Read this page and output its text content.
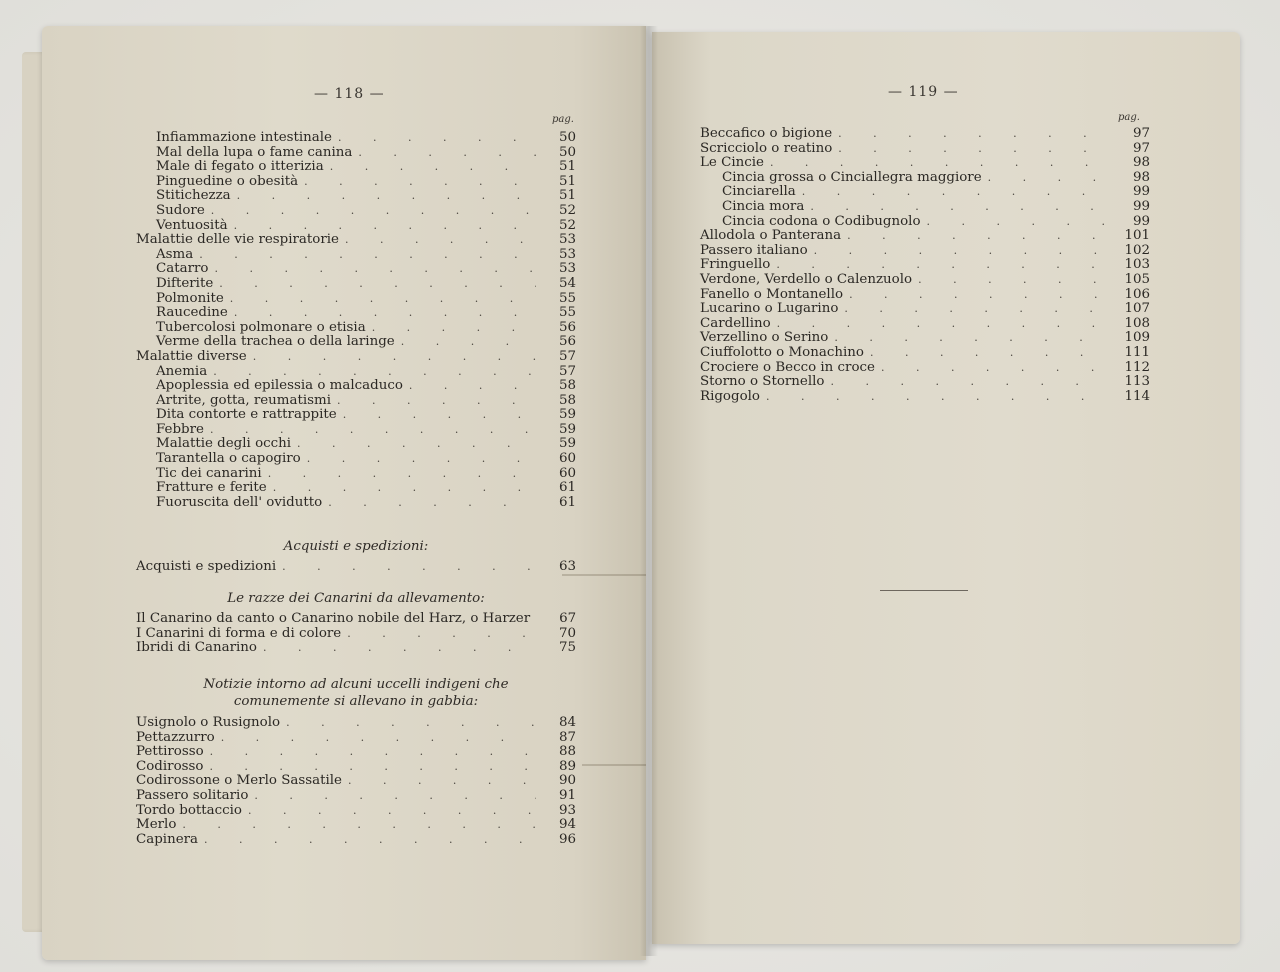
— 118 —
pag.
Infiammazione intestinale . . .	50
Mal della lupa o fame canina . . .	50
Male di fegato o itterizia . . .	51
Pinguedine o obesità . . .	51
Stitichezza . . .	51
Sudore . . .	52
Ventuosità . . .	52
Malattie delle vie respiratorie . . .	53
Asma . . .	53
Catarro . . .	53
Difterite . . .	54
Polmonite . . .	55
Raucedine . . .	55
Tubercolosi polmonare o etisia . . .	56
Verme della trachea o della laringe . . .	56
Malattie diverse . . .	57
Anemia . . .	57
Apoplessia ed epilessia o malcaduco . . .	58
Artrite, gotta, reumatismi . . .	58
Dita contorte e rattrappite . . .	59
Febbre . . .	59
Malattie degli occhi . . .	59
Tarantella o capogiro . . .	60
Tic dei canarini . . .	60
Fratture e ferite . . .	61
Fuoruscita dell' ovidutto . . .	61
Acquisti e spedizioni:
Acquisti e spedizioni . . .	63
Le razze dei Canarini da allevamento:
Il Canarino da canto o Canarino nobile del Harz, o Harzer	67
I Canarini di forma e di colore . . .	70
Ibridi di Canarino . . .	75
Notizie intorno ad alcuni uccelli indigeni che
comunemente si allevano in gabbia:
Usignolo o Rusignolo . . .	84
Pettazzurro . . .	87
Pettirosso . . .	88
Codirosso . . .	89
Codirossone o Merlo Sassatile . . .	90
Passero solitario . . .	91
Tordo bottaccio . . .	93
Merlo . . .	94
Capinera . . .	96
— 119 —
pag.
Beccafico o bigione . . .	97
Scricciolo o reatino . . .	97
Le Cincie . . .	98
Cincia grossa o Cinciallegra maggiore . . .	98
Cinciarella . . .	99
Cincia mora . . .	99
Cincia codona o Codibugnolo . . .	99
Allodola o Panterana . . .	101
Passero italiano . . .	102
Fringuello . . .	103
Verdone, Verdello o Calenzuolo . . .	105
Fanello o Montanello . . .	106
Lucarino o Lugarino . . .	107
Cardellino . . .	108
Verzellino o Serino . . .	109
Ciuffolotto o Monachino . . .	111
Crociere o Becco in croce . . .	112
Storno o Stornello . . .	113
Rigogolo . . .	114
